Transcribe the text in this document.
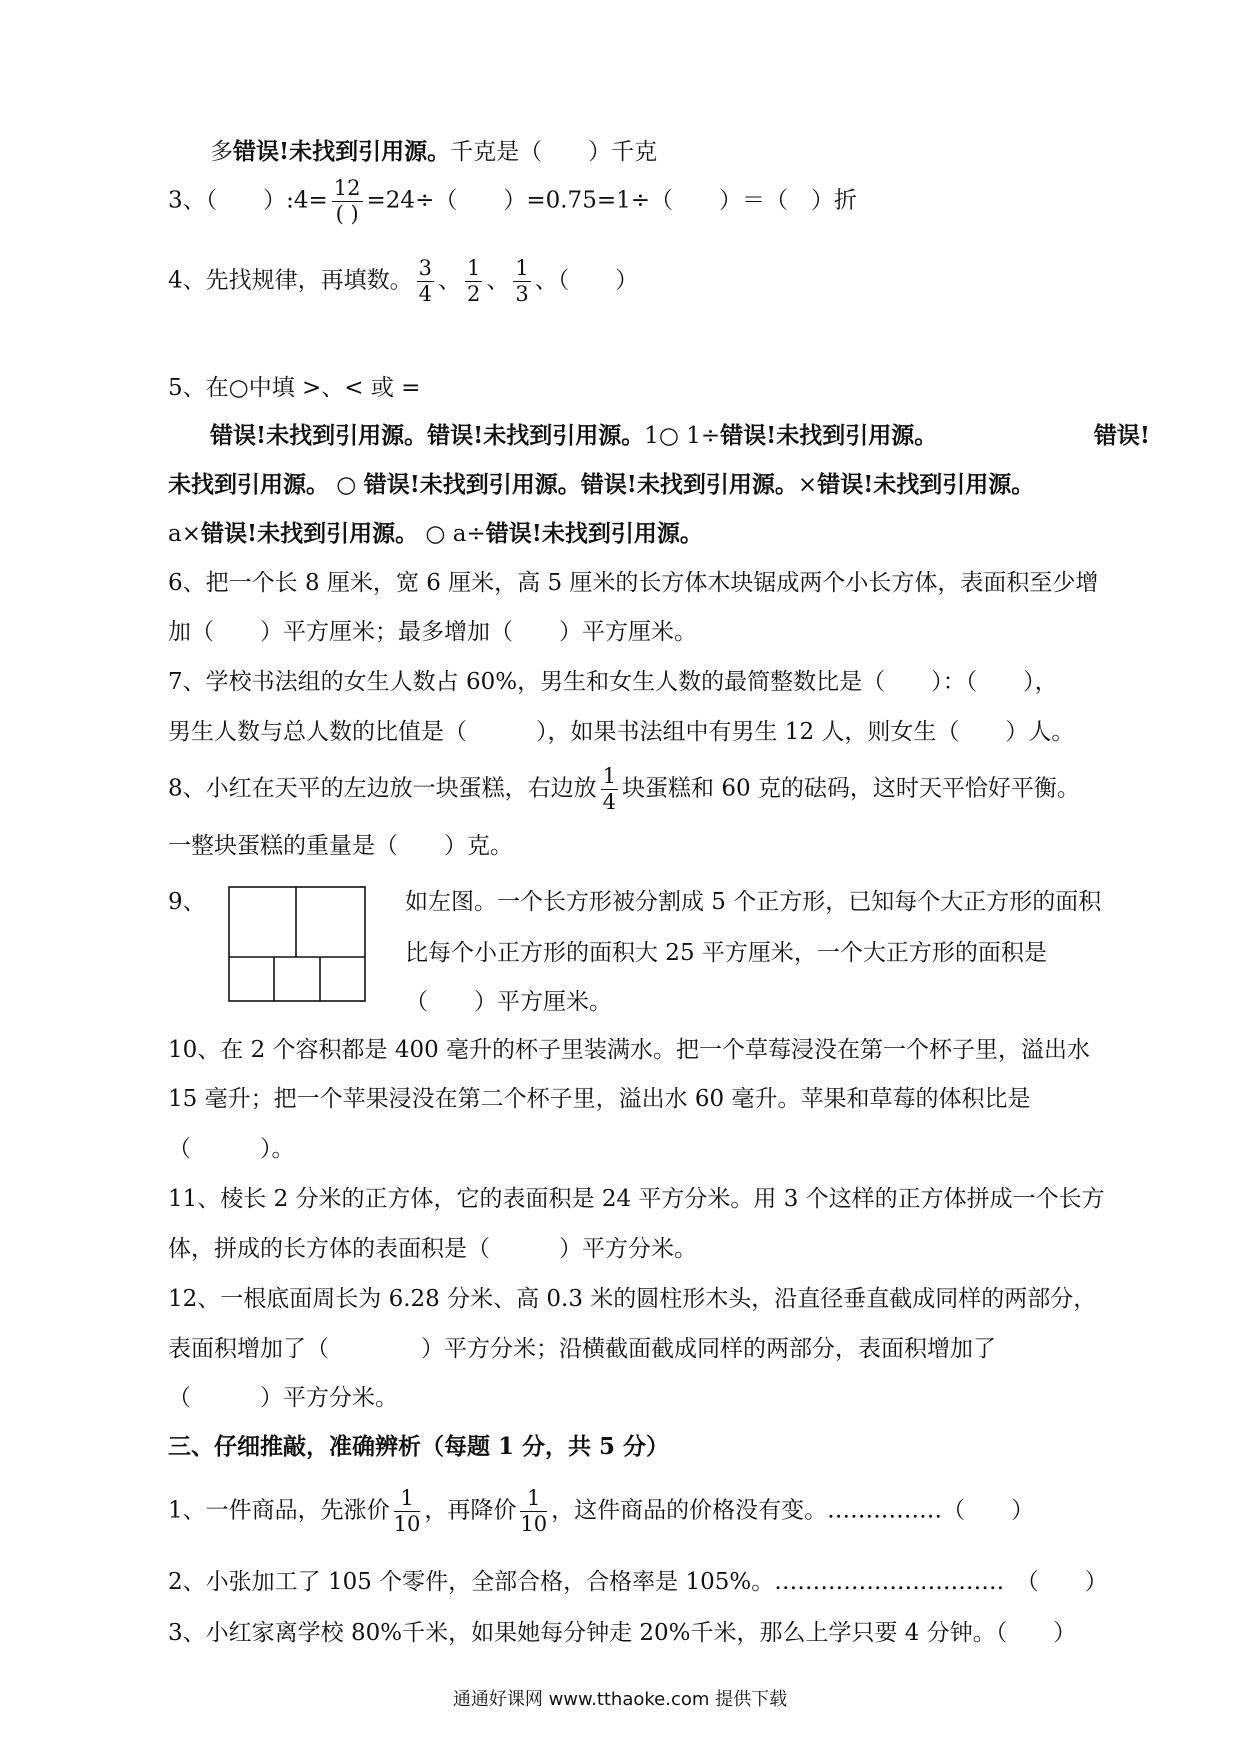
多错误!未找到引用源。千克是（　　）千克
3、（　　）:4= $\frac{12}{( )} =24\div$（　　）=0.75=1÷（　　）＝（　）折
4、先找规律，再填数。 $\frac{3}{4}$ 、 $\frac{1}{2}$ 、 $\frac{1}{3}$ 、（　　）
5、在○中填 >、< 或 =
错误!未找到引用源。错误!未找到引用源。1○ 1÷错误!未找到引用源。	错误!
未找到引用源。 ○ 错误!未找到引用源。错误!未找到引用源。×错误!未找到引用源。
a×错误!未找到引用源。 ○ a÷错误!未找到引用源。
6、把一个长 8 厘米，宽 6 厘米，高 5 厘米的长方体木块锯成两个小长方体，表面积至少增
加（　　）平方厘米；最多增加（　　）平方厘米。
7、学校书法组的女生人数占 60%，男生和女生人数的最简整数比是（　　）：（　　），
男生人数与总人数的比值是（　　　），如果书法组中有男生 12 人，则女生（　　）人。
8、小红在天平的左边放一块蛋糕，右边放 $\frac{1}{4}$ 块蛋糕和 60 克的砝码，这时天平恰好平衡。
一整块蛋糕的重量是（　　）克。
9、	如左图。一个长方形被分割成 5 个正方形，已知每个大正方形的面积
比每个小正方形的面积大 25 平方厘米，一个大正方形的面积是
（　　）平方厘米。
10、在 2 个容积都是 400 毫升的杯子里装满水。把一个草莓浸没在第一个杯子里，溢出水
15 毫升；把一个苹果浸没在第二个杯子里，溢出水 60 毫升。苹果和草莓的体积比是
（　　　）。
11、棱长 2 分米的正方体，它的表面积是 24 平方分米。用 3 个这样的正方体拼成一个长方
体，拼成的长方体的表面积是（　　　）平方分米。
12、一根底面周长为 6.28 分米、高 0.3 米的圆柱形木头，沿直径垂直截成同样的两部分，
表面积增加了（　　　　）平方分米；沿横截面截成同样的两部分，表面积增加了
（　　　）平方分米。
三、仔细推敲，准确辨析（每题 1 分，共 5 分）
1、一件商品，先涨价 $\frac{1}{10}$ ，再降价 $\frac{1}{10}$ ，这件商品的价格没有变。……………（　　）
2、小张加工了 105 个零件，全部合格，合格率是 105%。…………………………　（　　）
3、小红家离学校 80%千米，如果她每分钟走 20%千米，那么上学只要 4 分钟。（　　）
通通好课网 www.tthaoke.com 提供下载
